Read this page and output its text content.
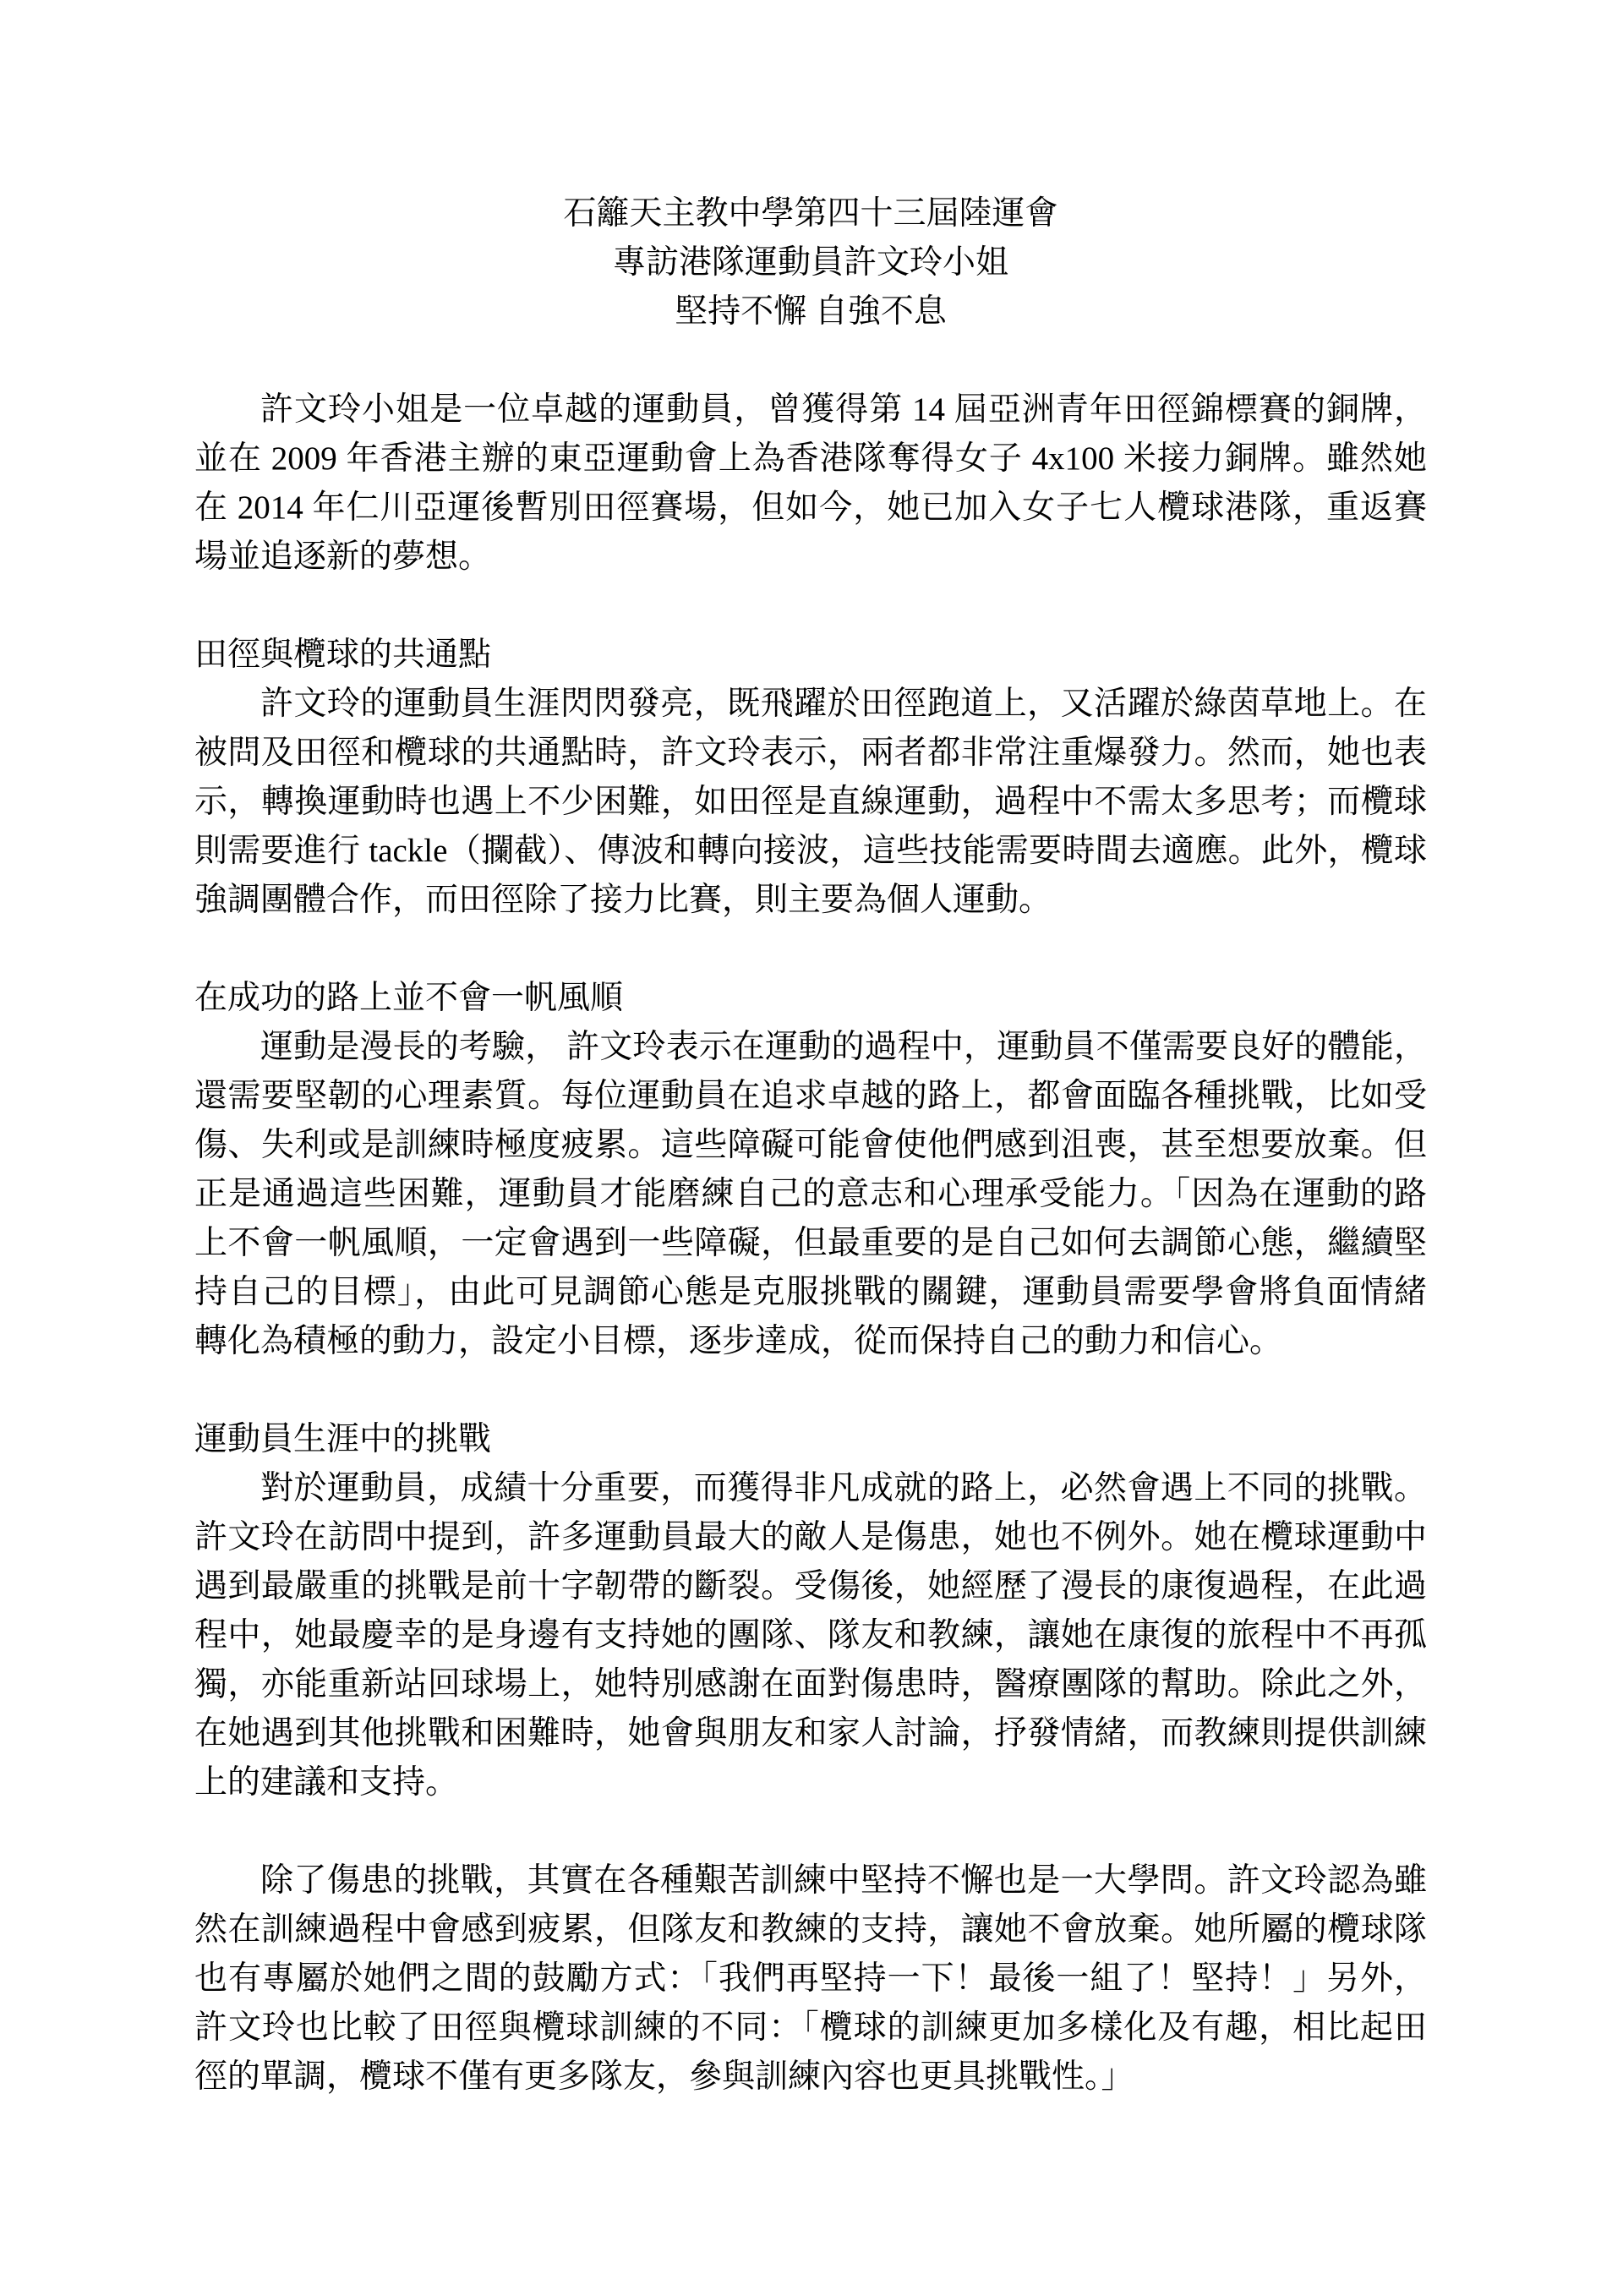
石籬天主教中學第四十三屆陸運會
專訪港隊運動員許文玲小姐
堅持不懈 自強不息

許文玲小姐是一位卓越的運動員，曾獲得第 14 屆亞洲青年田徑錦標賽的銅牌，並在 2009 年香港主辦的東亞運動會上為香港隊奪得女子 4x100 米接力銅牌。雖然她在 2014 年仁川亞運後暫別田徑賽場，但如今，她已加入女子七人欖球港隊，重返賽場並追逐新的夢想。

田徑與欖球的共通點

許文玲的運動員生涯閃閃發亮，既飛躍於田徑跑道上，又活躍於綠茵草地上。在被問及田徑和欖球的共通點時，許文玲表示，兩者都非常注重爆發力。然而，她也表示，轉換運動時也遇上不少困難，如田徑是直線運動，過程中不需太多思考；而欖球則需要進行 tackle（攔截）、傳波和轉向接波，這些技能需要時間去適應。此外，欖球強調團體合作，而田徑除了接力比賽，則主要為個人運動。

在成功的路上並不會一帆風順

運動是漫長的考驗， 許文玲表示在運動的過程中，運動員不僅需要良好的體能，還需要堅韌的心理素質。每位運動員在追求卓越的路上，都會面臨各種挑戰，比如受傷、失利或是訓練時極度疲累。這些障礙可能會使他們感到沮喪，甚至想要放棄。但正是通過這些困難，運動員才能磨練自己的意志和心理承受能力。「因為在運動的路上不會一帆風順，一定會遇到一些障礙，但最重要的是自己如何去調節心態，繼續堅持自己的目標」，由此可見調節心態是克服挑戰的關鍵，運動員需要學會將負面情緒轉化為積極的動力，設定小目標，逐步達成，從而保持自己的動力和信心。

運動員生涯中的挑戰

對於運動員，成績十分重要，而獲得非凡成就的路上，必然會遇上不同的挑戰。許文玲在訪問中提到，許多運動員最大的敵人是傷患，她也不例外。她在欖球運動中遇到最嚴重的挑戰是前十字韌帶的斷裂。受傷後，她經歷了漫長的康復過程，在此過程中，她最慶幸的是身邊有支持她的團隊、隊友和教練，讓她在康復的旅程中不再孤獨，亦能重新站回球場上，她特別感謝在面對傷患時，醫療團隊的幫助。除此之外，在她遇到其他挑戰和困難時，她會與朋友和家人討論，抒發情緒，而教練則提供訓練上的建議和支持。

除了傷患的挑戰，其實在各種艱苦訓練中堅持不懈也是一大學問。許文玲認為雖然在訓練過程中會感到疲累，但隊友和教練的支持，讓她不會放棄。她所屬的欖球隊也有專屬於她們之間的鼓勵方式：「我們再堅持一下！最後一組了！堅持！」另外，許文玲也比較了田徑與欖球訓練的不同：「欖球的訓練更加多樣化及有趣，相比起田徑的單調，欖球不僅有更多隊友，參與訓練內容也更具挑戰性。」
